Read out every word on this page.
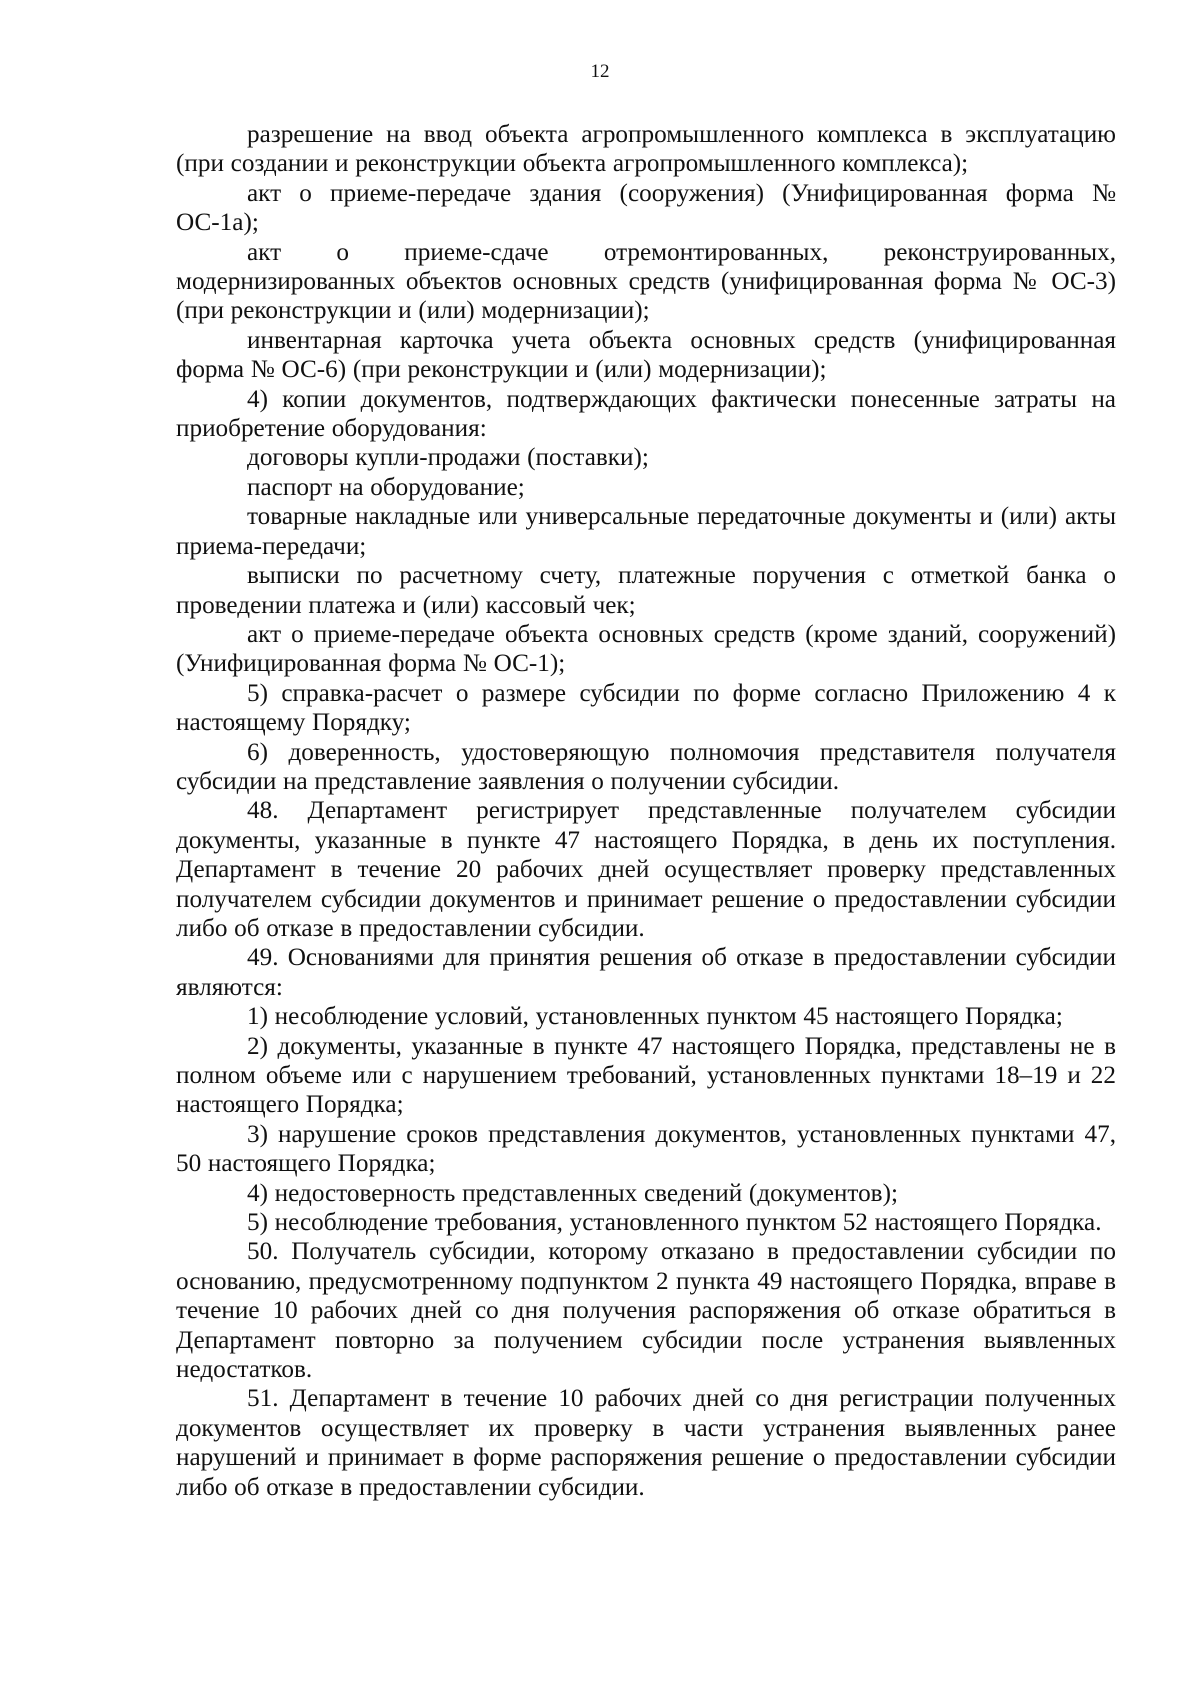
12

разрешение на ввод объекта агропромышленного комплекса в эксплуатацию (при создании и реконструкции объекта агропромышленного комплекса);

акт о приеме-передаче здания (сооружения) (Унифицированная форма № ОС-1а);

акт о приеме-сдаче отремонтированных, реконструированных, модернизированных объектов основных средств (унифицированная форма № ОС-3) (при реконструкции и (или) модернизации);

инвентарная карточка учета объекта основных средств (унифицированная форма № ОС-6) (при реконструкции и (или) модернизации);

4) копии документов, подтверждающих фактически понесенные затраты на приобретение оборудования:

договоры купли-продажи (поставки);

паспорт на оборудование;

товарные накладные или универсальные передаточные документы и (или) акты приема-передачи;

выписки по расчетному счету, платежные поручения с отметкой банка о проведении платежа и (или) кассовый чек;

акт о приеме-передаче объекта основных средств (кроме зданий, сооружений) (Унифицированная форма № ОС-1);

5) справка-расчет о размере субсидии по форме согласно Приложению 4 к настоящему Порядку;

6) доверенность, удостоверяющую полномочия представителя получателя субсидии на представление заявления о получении субсидии.

48. Департамент регистрирует представленные получателем субсидии документы, указанные в пункте 47 настоящего Порядка, в день их поступления. Департамент в течение 20 рабочих дней осуществляет проверку представленных получателем субсидии документов и принимает решение о предоставлении субсидии либо об отказе в предоставлении субсидии.

49. Основаниями для принятия решения об отказе в предоставлении субсидии являются:

1) несоблюдение условий, установленных пунктом 45 настоящего Порядка;

2) документы, указанные в пункте 47 настоящего Порядка, представлены не в полном объеме или с нарушением требований, установленных пунктами 18–19 и 22 настоящего Порядка;

3) нарушение сроков представления документов, установленных пунктами 47, 50 настоящего Порядка;

4) недостоверность представленных сведений (документов);

5) несоблюдение требования, установленного пунктом 52 настоящего Порядка.

50. Получатель субсидии, которому отказано в предоставлении субсидии по основанию, предусмотренному подпунктом 2 пункта 49 настоящего Порядка, вправе в течение 10 рабочих дней со дня получения распоряжения об отказе обратиться в Департамент повторно за получением субсидии после устранения выявленных недостатков.

51. Департамент в течение 10 рабочих дней со дня регистрации полученных документов осуществляет их проверку в части устранения выявленных ранее нарушений и принимает в форме распоряжения решение о предоставлении субсидии либо об отказе в предоставлении субсидии.
